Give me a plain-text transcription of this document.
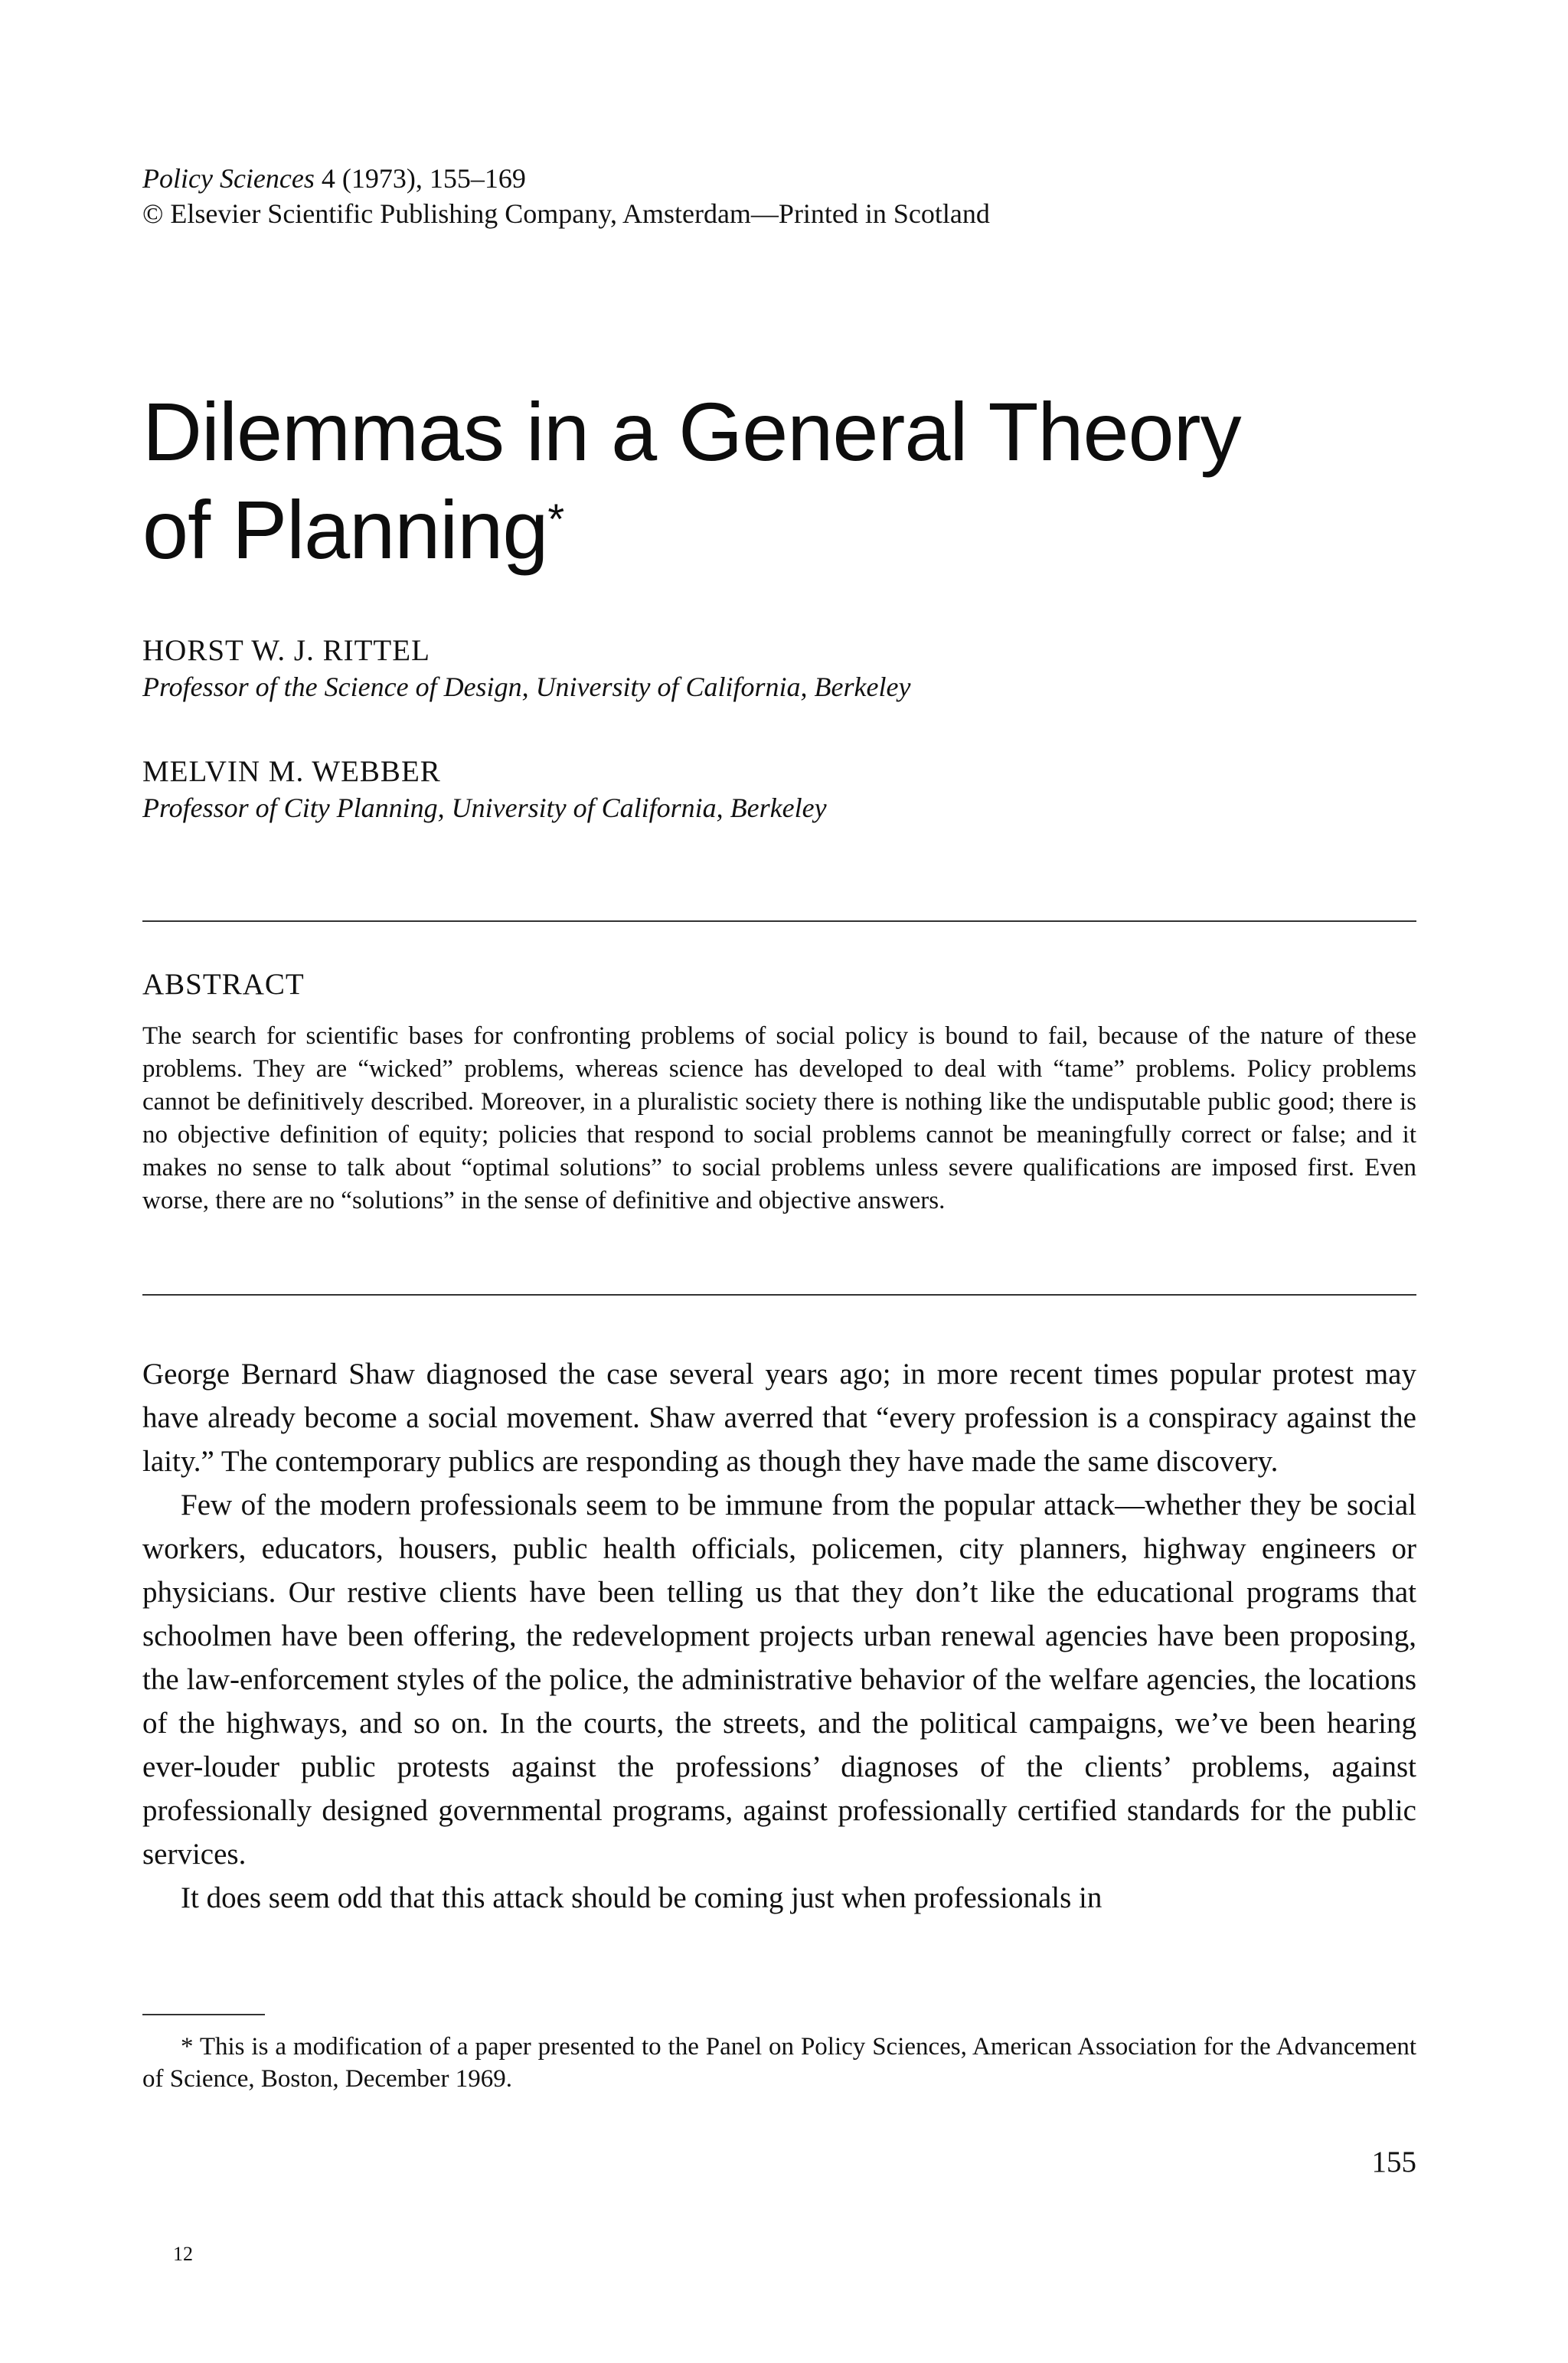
Policy Sciences 4 (1973), 155–169
© Elsevier Scientific Publishing Company, Amsterdam—Printed in Scotland
Dilemmas in a General Theory
of Planning*
HORST W. J. RITTEL
Professor of the Science of Design, University of California, Berkeley
MELVIN M. WEBBER
Professor of City Planning, University of California, Berkeley
ABSTRACT
The search for scientific bases for confronting problems of social policy is bound to fail, because of the nature of these problems. They are “wicked” problems, whereas science has developed to deal with “tame” problems. Policy problems cannot be definitively described. Moreover, in a pluralistic society there is nothing like the undisputable public good; there is no objective definition of equity; policies that respond to social problems cannot be meaningfully correct or false; and it makes no sense to talk about “optimal solutions” to social problems unless severe qualifications are imposed first. Even worse, there are no “solutions” in the sense of definitive and objective answers.

George Bernard Shaw diagnosed the case several years ago; in more recent times popular protest may have already become a social movement. Shaw averred that “every profession is a conspiracy against the laity.” The contemporary publics are responding as though they have made the same discovery.

Few of the modern professionals seem to be immune from the popular attack—whether they be social workers, educators, housers, public health officials, policemen, city planners, highway engineers or physicians. Our restive clients have been telling us that they don’t like the educational programs that schoolmen have been offering, the redevelopment projects urban renewal agencies have been proposing, the law-enforcement styles of the police, the administrative behavior of the welfare agencies, the locations of the highways, and so on. In the courts, the streets, and the political campaigns, we’ve been hearing ever-louder public protests against the professions’ diagnoses of the clients’ problems, against professionally designed governmental programs, against professionally certified standards for the public services.

It does seem odd that this attack should be coming just when professionals in

* This is a modification of a paper presented to the Panel on Policy Sciences, American Association for the Advancement of Science, Boston, December 1969.
155
12
